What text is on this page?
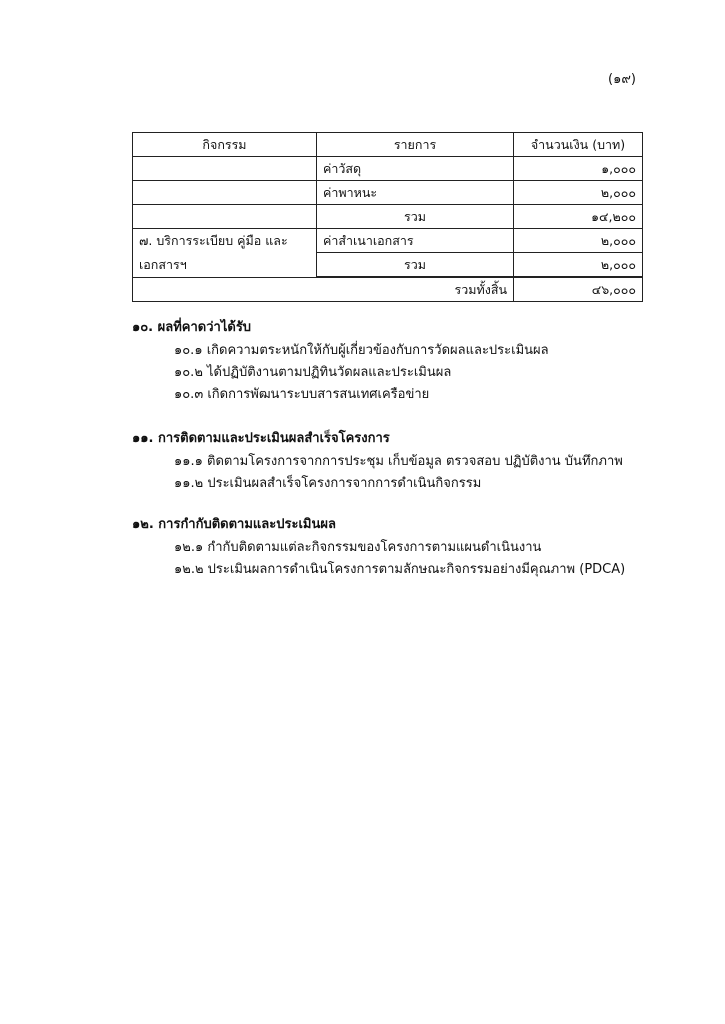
(๑๙)
กิจกรรม	รายการ	จำนวนเงิน (บาท)
	ค่าวัสดุ	๑,๐๐๐
	ค่าพาหนะ	๒,๐๐๐
	รวม	๑๔,๒๐๐
๗. บริการระเบียบ คู่มือ และ	ค่าสำเนาเอกสาร	๒,๐๐๐
เอกสารฯ	รวม	๒,๐๐๐
รวมทั้งสิ้น		๔๖,๐๐๐
๑๐. ผลที่คาดว่าได้รับ
๑๐.๑ เกิดความตระหนักให้กับผู้เกี่ยวข้องกับการวัดผลและประเมินผล
๑๐.๒ ได้ปฏิบัติงานตามปฏิทินวัดผลและประเมินผล
๑๐.๓ เกิดการพัฒนาระบบสารสนเทศเครือข่าย
๑๑. การติดตามและประเมินผลสำเร็จโครงการ
๑๑.๑ ติดตามโครงการจากการประชุม เก็บข้อมูล ตรวจสอบ ปฏิบัติงาน บันทึกภาพ
๑๑.๒ ประเมินผลสำเร็จโครงการจากการดำเนินกิจกรรม
๑๒. การกำกับติดตามและประเมินผล
๑๒.๑ กำกับติดตามแต่ละกิจกรรมของโครงการตามแผนดำเนินงาน
๑๒.๒ ประเมินผลการดำเนินโครงการตามลักษณะกิจกรรมอย่างมีคุณภาพ (PDCA)
